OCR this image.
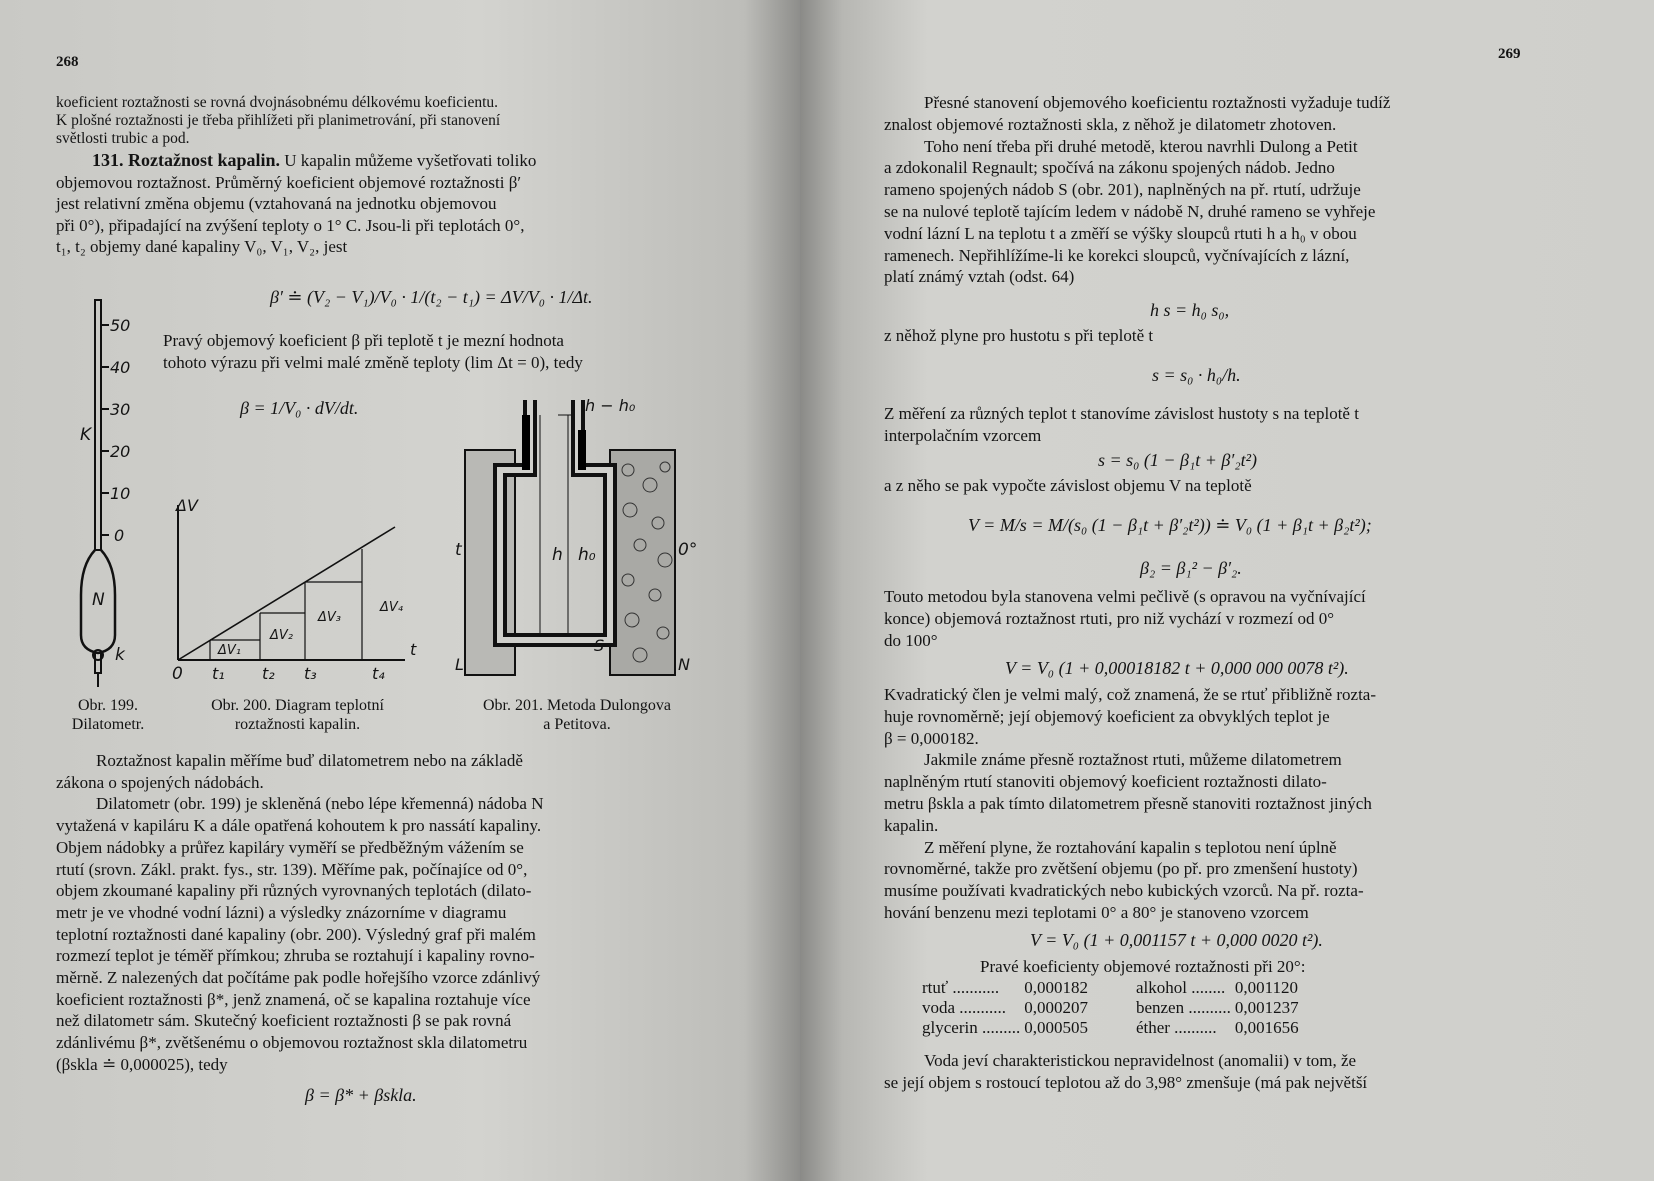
268
koeficient roztažnosti se rovná dvojnásobnému délkovému koeficientu.
K plošné roztažnosti je třeba přihlížeti při planimetrování, při stanovení
světlosti trubic a pod.
131. Roztažnost kapalin. U kapalin můžeme vyšetřovati toliko
objemovou roztažnost. Průměrný koeficient objemové roztažnosti β′
jest relativní změna objemu (vztahovaná na jednotku objemovou
při 0°), připadající na zvýšení teploty o 1° C. Jsou-li při teplotách 0°,
t₁, t₂ objemy dané kapaliny V₀, V₁, V₂, jest
β′ ≐ (V₂ − V₁)/V₀ · 1/(t₂ − t₁) = ΔV/V₀ · 1/Δt.
Pravý objemový koeficient β při teplotě t je mezní hodnota
tohoto výrazu při velmi malé změně teploty (lim Δt = 0), tedy
β = 1/V₀ · dV/dt.
50
40
30
20
10
0
K
N
k
ΔV
0 t₁ t₂ t₃	t₄
t
ΔV₁
ΔV₂
ΔV₃
ΔV₄
h − h₀
t	h h₀	0°
S
L	N
Obr. 199.
Dilatometr.
Obr. 200. Diagram teplotní
roztažnosti kapalin.
Obr. 201. Metoda Dulongova
a Petitova.
Roztažnost kapalin měříme buď dilatometrem nebo na základě
zákona o spojených nádobách.
Dilatometr (obr. 199) je skleněná (nebo lépe křemenná) nádoba N
vytažená v kapiláru K a dále opatřená kohoutem k pro nassátí kapaliny.
Objem nádobky a průřez kapiláry vyměří se předběžným vážením se
rtutí (srovn. Zákl. prakt. fys., str. 139). Měříme pak, počínajíce od 0°,
objem zkoumané kapaliny při různých vyrovnaných teplotách (dilato-
metr je ve vhodné vodní lázni) a výsledky znázorníme v diagramu
teplotní roztažnosti dané kapaliny (obr. 200). Výsledný graf při malém
rozmezí teplot je téměř přímkou; zhruba se roztahují i kapaliny rovno-
měrně. Z nalezených dat počítáme pak podle hořejšího vzorce zdánlivý
koeficient roztažnosti β*, jenž znamená, oč se kapalina roztahuje více
než dilatometr sám. Skutečný koeficient roztažnosti β se pak rovná
zdánlivému β*, zvětšenému o objemovou roztažnost skla dilatometru
(βskla ≐ 0,000025), tedy
β = β* + βskla.
269
Přesné stanovení objemového koeficientu roztažnosti vyžaduje tudíž
znalost objemové roztažnosti skla, z něhož je dilatometr zhotoven.
Toho není třeba při druhé metodě, kterou navrhli Dulong a Petit
a zdokonalil Regnault; spočívá na zákonu spojených nádob. Jedno
rameno spojených nádob S (obr. 201), naplněných na př. rtutí, udržuje
se na nulové teplotě tajícím ledem v nádobě N, druhé rameno se vyhřeje
vodní lázní L na teplotu t a změří se výšky sloupců rtuti h a h₀ v obou
ramenech. Nepřihlížíme-li ke korekci sloupců, vyčnívajících z lázní,
platí známý vztah (odst. 64)
h s = h₀ s₀,
z něhož plyne pro hustotu s při teplotě t
s = s₀ · h₀/h.
Z měření za různých teplot t stanovíme závislost hustoty s na teplotě t
interpolačním vzorcem
s = s₀ (1 − β₁t + β′₂t²)
a z něho se pak vypočte závislost objemu V na teplotě
V = M/s = M/(s₀ (1 − β₁t + β′₂t²)) ≐ V₀ (1 + β₁t + β₂t²);
β₂ = β₁² − β′₂.
Touto metodou byla stanovena velmi pečlivě (s opravou na vyčnívající
konce) objemová roztažnost rtuti, pro niž vychází v rozmezí od 0°
do 100°
V = V₀ (1 + 0,00018182 t + 0,000 000 0078 t²).
Kvadratický člen je velmi malý, což znamená, že se rtuť přibližně rozta-
huje rovnoměrně; její objemový koeficient za obvyklých teplot je
β = 0,000182.
Jakmile známe přesně roztažnost rtuti, můžeme dilatometrem
naplněným rtutí stanoviti objemový koeficient roztažnosti dilato-
metru βskla a pak tímto dilatometrem přesně stanoviti roztažnost jiných
kapalin.
Z měření plyne, že roztahování kapalin s teplotou není úplně
rovnoměrné, takže pro zvětšení objemu (po př. pro zmenšení hustoty)
musíme používati kvadratických nebo kubických vzorců. Na př. rozta-
hování benzenu mezi teplotami 0° a 80° je stanoveno vzorcem
V = V₀ (1 + 0,001157 t + 0,000 0020 t²).
Pravé koeficienty objemové roztažnosti při 20°:
rtuť ...........	0,000182	alkohol ........	0,001120
voda ...........	0,000207	benzen ..........	0,001237
glycerin .........	0,000505	éther ..........	0,001656
Voda jeví charakteristickou nepravidelnost (anomalii) v tom, že
se její objem s rostoucí teplotou až do 3,98° zmenšuje (má pak největší
